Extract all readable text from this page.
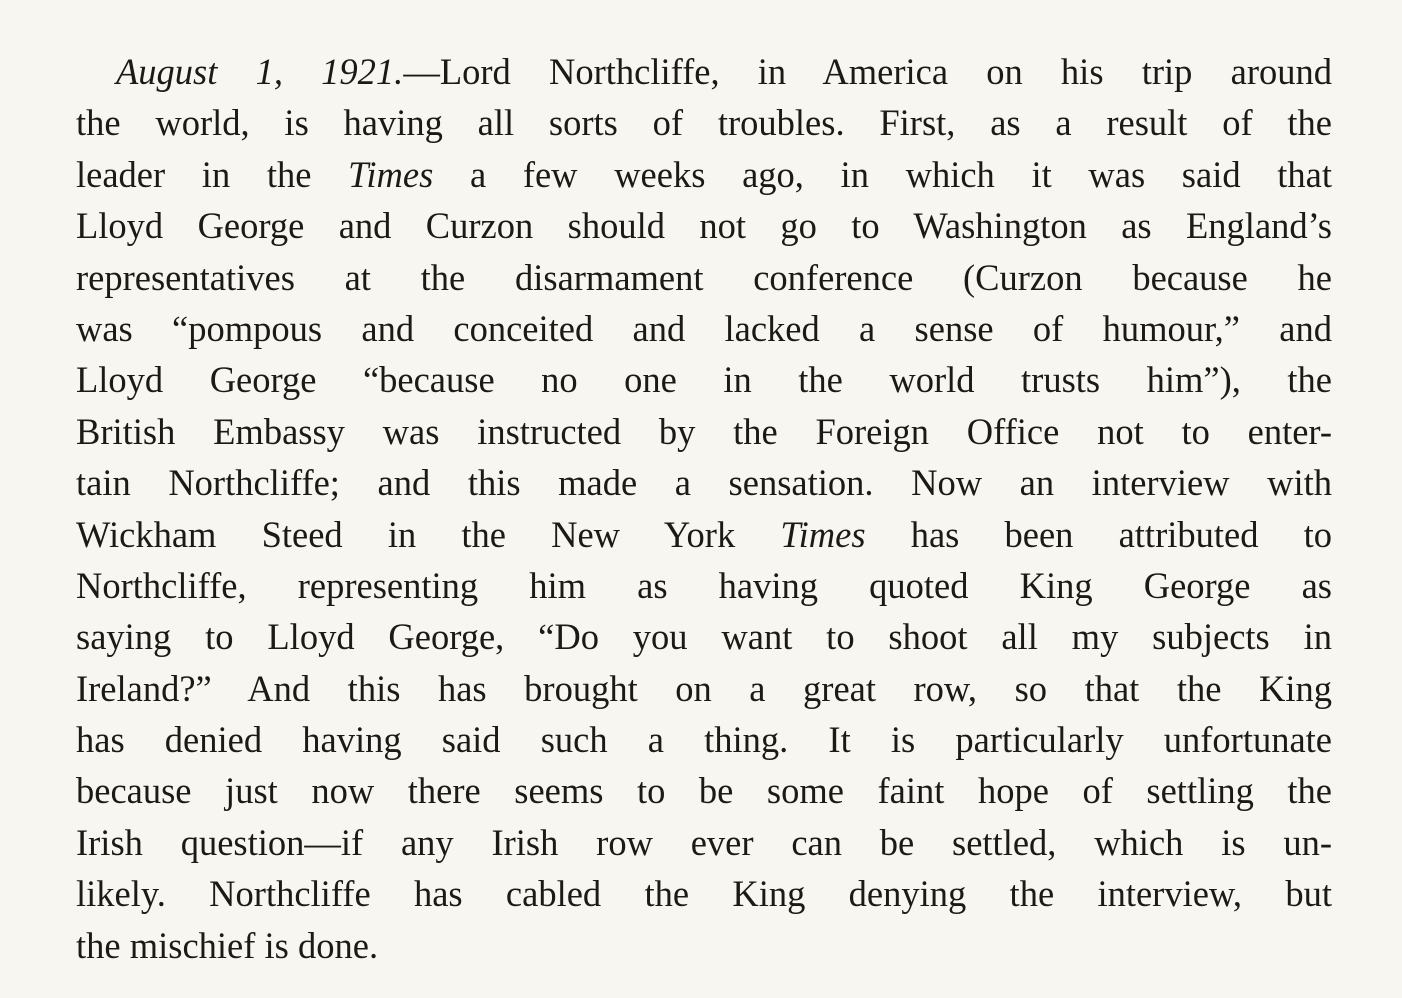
August 1, 1921.—Lord Northcliffe, in America on his trip around
the world, is having all sorts of troubles. First, as a result of the
leader in the Times a few weeks ago, in which it was said that
Lloyd George and Curzon should not go to Washington as England’s
representatives at the disarmament conference (Curzon because he
was “pompous and conceited and lacked a sense of humour,” and
Lloyd George “because no one in the world trusts him”), the
British Embassy was instructed by the Foreign Office not to enter-
tain Northcliffe; and this made a sensation. Now an interview with
Wickham Steed in the New York Times has been attributed to
Northcliffe, representing him as having quoted King George as
saying to Lloyd George, “Do you want to shoot all my subjects in
Ireland?” And this has brought on a great row, so that the King
has denied having said such a thing. It is particularly unfortunate
because just now there seems to be some faint hope of settling the
Irish question—if any Irish row ever can be settled, which is un-
likely. Northcliffe has cabled the King denying the interview, but
the mischief is done.
